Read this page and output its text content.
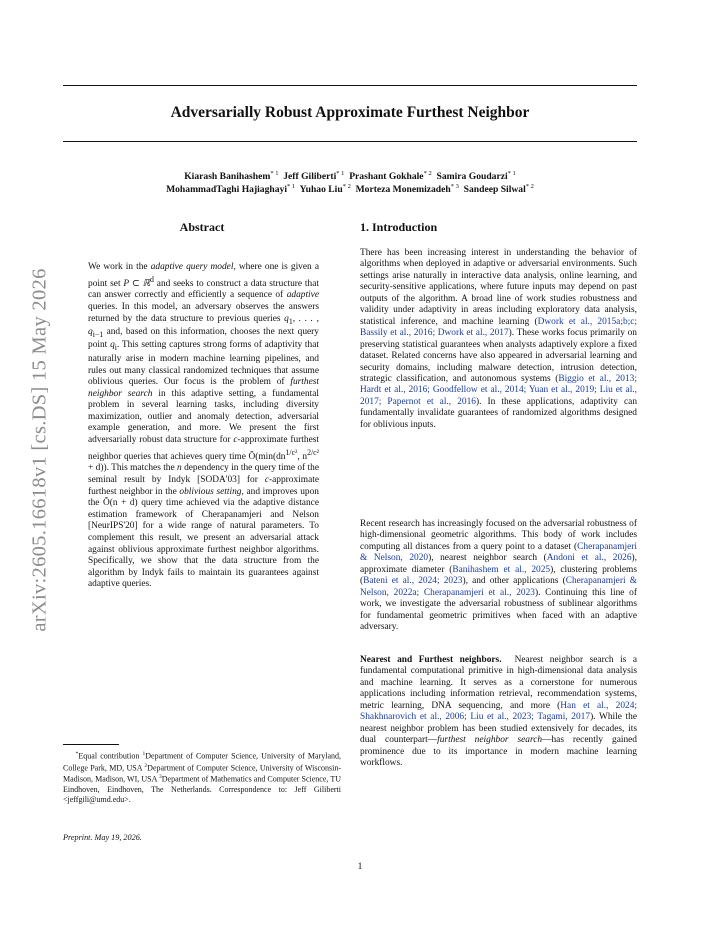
Adversarially Robust Approximate Furthest Neighbor
Kiarash Banihashem$^{* 1}$ Jeff Giliberti$^{* 1}$ Prashant Gokhale$^{* 2}$ Samira Goudarzi$^{* 1}$
MohammadTaghi Hajiaghayi$^{* 1}$ Yuhao Liu$^{* 2}$ Morteza Monemizadeh$^{* 3}$ Sandeep Silwal$^{* 2}$
arXiv:2605.16618v1 [cs.DS] 15 May 2026
Abstract

We work in the adaptive query model, where one is given a point set P ⊂ ℝ$^d$ and seeks to construct a data structure that can answer correctly and efficiently a sequence of adaptive queries. In this model, an adversary observes the answers returned by the data structure to previous queries $q_1$, . . . , $q_{i-1}$ and, based on this information, chooses the next query point $q_i$. This setting captures strong forms of adaptivity that naturally arise in modern machine learning pipelines, and rules out many classical randomized techniques that assume oblivious queries. Our focus is the problem of furthest neighbor search in this adaptive setting, a fundamental problem in several learning tasks, including diversity maximization, outlier and anomaly detection, adversarial example generation, and more. We present the first adversarially robust data structure for c-approximate furthest neighbor queries that achieves query time $Õ(\min(dn^{1/c^2}$, $n^{2/c^2} + d$)). This matches the n dependency in the query time of the seminal result by Indyk [SODA'03] for c-approximate furthest neighbor in the oblivious setting, and improves upon the Õ(n + d) query time achieved via the adaptive distance estimation framework of Cherapanamjeri and Nelson [NeurIPS'20] for a wide range of natural parameters. To complement this result, we present an adversarial attack against oblivious approximate furthest neighbor algorithms. Specifically, we show that the data structure from the algorithm by Indyk fails to maintain its guarantees against adaptive queries.

1. Introduction

There has been increasing interest in understanding the behavior of algorithms when deployed in adaptive or adversarial environments. Such settings arise naturally in interactive data analysis, online learning, and security-sensitive applications, where future inputs may depend on past outputs of the algorithm. A broad line of work studies robustness and validity under adaptivity in areas including exploratory data analysis, statistical inference, and machine learning (Dwork et al., 2015a;b;c; Bassily et al., 2016; Dwork et al., 2017). These works focus primarily on preserving statistical guarantees when analysts adaptively explore a fixed dataset. Related concerns have also appeared in adversarial learning and security domains, including malware detection, intrusion detection, strategic classification, and autonomous systems (Biggio et al., 2013; Hardt et al., 2016; Goodfellow et al., 2014; Yuan et al., 2019; Liu et al., 2017; Papernot et al., 2016). In these applications, adaptivity can fundamentally invalidate guarantees of randomized algorithms designed for oblivious inputs.

Recent research has increasingly focused on the adversarial robustness of high-dimensional geometric algorithms. This body of work includes computing all distances from a query point to a dataset (Cherapanamjeri & Nelson, 2020), nearest neighbor search (Andoni et al., 2026), approximate diameter (Banihashem et al., 2025), clustering problems (Bateni et al., 2024; 2023), and other applications (Cherapanamjeri & Nelson, 2022a; Cherapanamjeri et al., 2023). Continuing this line of work, we investigate the adversarial robustness of sublinear algorithms for fundamental geometric primitives when faced with an adaptive adversary.

Nearest and Furthest neighbors. Nearest neighbor search is a fundamental computational primitive in high-dimensional data analysis and machine learning. It serves as a cornerstone for numerous applications including information retrieval, recommendation systems, metric learning, DNA sequencing, and more (Han et al., 2024; Shakhnarovich et al., 2006; Liu et al., 2023; Tagami, 2017). While the nearest neighbor problem has been studied extensively for decades, its dual counterpart—furthest neighbor search—has recently gained prominence due to its importance in modern machine learning workflows.

*Equal contribution $^1$Department of Computer Science, University of Maryland, College Park, MD, USA $^2$Department of Computer Science, University of Wisconsin-Madison, Madison, WI, USA $^3$Department of Mathematics and Computer Science, TU Eindhoven, Eindhoven, The Netherlands. Correspondence to: Jeff Giliberti <jeffgili@umd.edu>.

Preprint. May 19, 2026.

1
